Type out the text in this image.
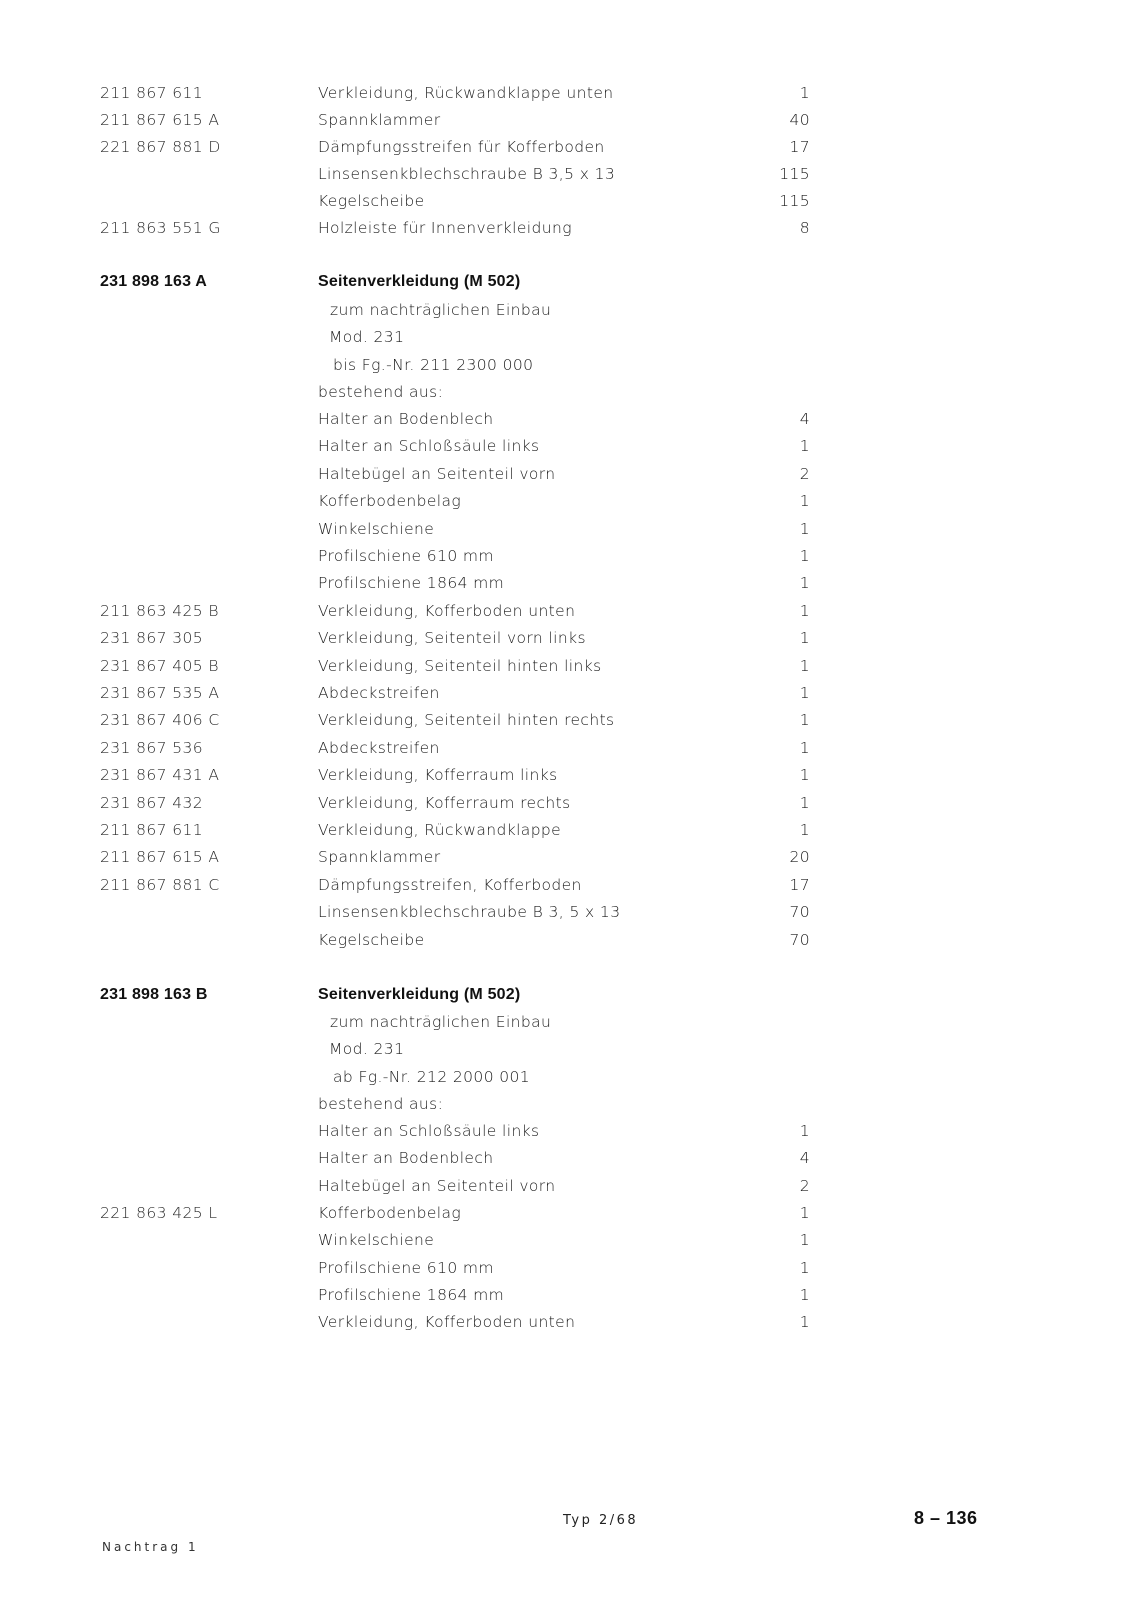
211 867 611	Verkleidung, Rückwandklappe unten	1
211 867 615 A	Spannklammer	40
221 867 881 D	Dämpfungsstreifen für Kofferboden	17
Linsensenkblechschraube B 3,5 x 13	115
Kegelscheibe	115
211 863 551 G	Holzleiste für Innenverkleidung	8
231 898 163 A	Seitenverkleidung (M 502)
zum nachträglichen Einbau
Mod. 231
bis Fg.-Nr. 211 2300 000
bestehend aus:
Halter an Bodenblech	4
Halter an Schloßsäule links	1
Haltebügel an Seitenteil vorn	2
Kofferbodenbelag	1
Winkelschiene	1
Profilschiene 610 mm	1
Profilschiene 1864 mm	1
211 863 425 B	Verkleidung, Kofferboden unten	1
231 867 305	Verkleidung, Seitenteil vorn links	1
231 867 405 B	Verkleidung, Seitenteil hinten links	1
231 867 535 A	Abdeckstreifen	1
231 867 406 C	Verkleidung, Seitenteil hinten rechts	1
231 867 536	Abdeckstreifen	1
231 867 431 A	Verkleidung, Kofferraum links	1
231 867 432	Verkleidung, Kofferraum rechts	1
211 867 611	Verkleidung, Rückwandklappe	1
211 867 615 A	Spannklammer	20
211 867 881 C	Dämpfungsstreifen, Kofferboden	17
Linsensenkblechschraube B 3, 5 x 13	70
Kegelscheibe	70
231 898 163 B	Seitenverkleidung (M 502)
zum nachträglichen Einbau
Mod. 231
ab Fg.-Nr. 212 2000 001
bestehend aus:
Halter an Schloßsäule links	1
Halter an Bodenblech	4
Haltebügel an Seitenteil vorn	2
221 863 425 L	Kofferbodenbelag	1
Winkelschiene	1
Profilschiene 610 mm	1
Profilschiene 1864 mm	1
Verkleidung, Kofferboden unten	1
Typ 2/68	8 – 136
Nachtrag 1
